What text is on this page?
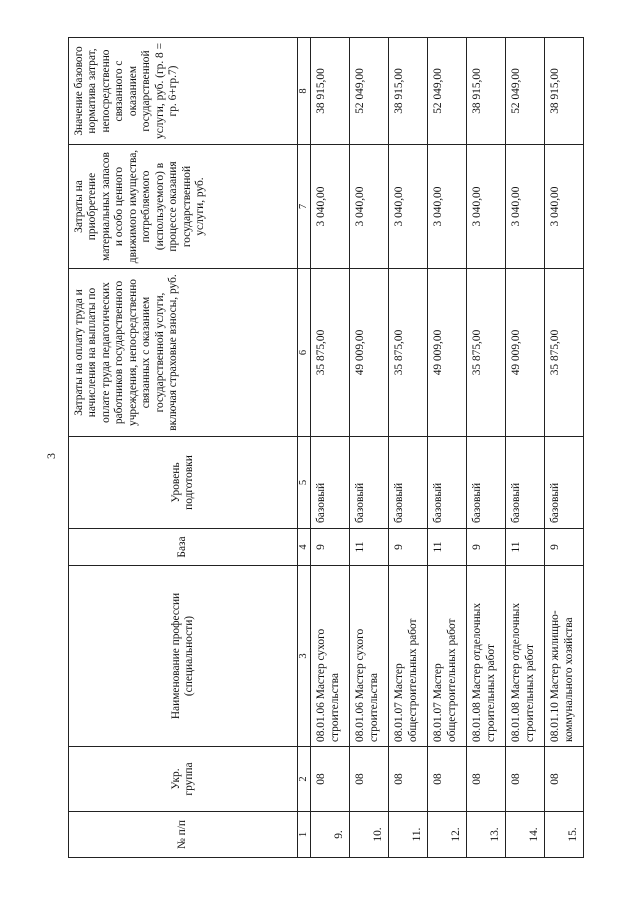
3
№ п/п	Укр. группа	Наименование профессии (специальности)	База	Уровень подготовки	Затраты на оплату труда и начисления на выплаты по оплате труда педагогических работников государственного учреждения, непосредственно связанных с оказанием государственной услуги, включая страховые взносы, руб.	Затраты на приобретение материальных запасов и особо ценного движимого имущества, потребляемого (используемого) в процессе оказания государственной услуги, руб.	Значение базового норматива затрат, непосредственно связанного с оказанием государственной услуги, руб. (гр. 8 = гр. 6+гр.7)
1	2	3	4	5	6	7	8
9.	08	08.01.06 Мастер сухого строительства	9	базовый	35 875,00	3 040,00	38 915,00
10.	08	08.01.06 Мастер сухого строительства	11	базовый	49 009,00	3 040,00	52 049,00
11.	08	08.01.07 Мастер общестроительных работ	9	базовый	35 875,00	3 040,00	38 915,00
12.	08	08.01.07 Мастер общестроительных работ	11	базовый	49 009,00	3 040,00	52 049,00
13.	08	08.01.08 Мастер отделочных строительных работ	9	базовый	35 875,00	3 040,00	38 915,00
14.	08	08.01.08 Мастер отделочных строительных работ	11	базовый	49 009,00	3 040,00	52 049,00
15.	08	08.01.10 Мастер жилищно-коммунального хозяйства	9	базовый	35 875,00	3 040,00	38 915,00
